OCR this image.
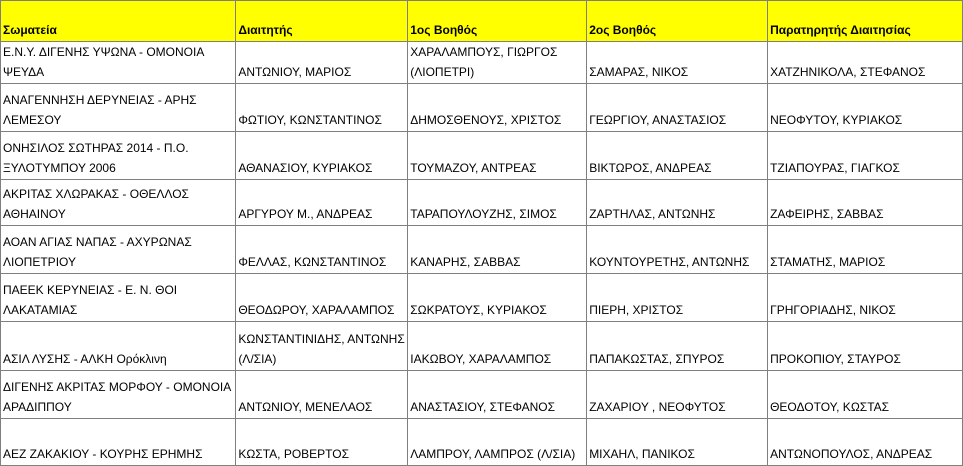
Σωματεία	Διαιτητής	1ος Βοηθός	2ος Βοηθός	Παρατηρητής Διαιτησίας
Ε.Ν.Υ. ΔΙΓΕΝΗΣ ΥΨΩΝΑ - ΟΜΟΝΟΙΑ ΨΕΥΔΑ	ΑΝΤΩΝΙΟΥ, ΜΑΡΙΟΣ	ΧΑΡΑΛΑΜΠΟΥΣ, ΓΙΩΡΓΟΣ (ΛΙΟΠΕΤΡΙ)	ΣΑΜΑΡΑΣ, ΝΙΚΟΣ	ΧΑΤΖΗΝΙΚΟΛΑ, ΣΤΕΦΑΝΟΣ
ΑΝΑΓΕΝΝΗΣΗ ΔΕΡΥΝΕΙΑΣ - ΑΡΗΣ ΛΕΜΕΣΟΥ	ΦΩΤΙΟΥ, ΚΩΝΣΤΑΝΤΙΝΟΣ	ΔΗΜΟΣΘΕΝΟΥΣ, ΧΡΙΣΤΟΣ	ΓΕΩΡΓΙΟΥ, ΑΝΑΣΤΑΣΙΟΣ	ΝΕΟΦΥΤΟΥ, ΚΥΡΙΑΚΟΣ
ΟΝΗΣΙΛΟΣ ΣΩΤΗΡΑΣ 2014 - Π.Ο. ΞΥΛΟΤΥΜΠΟΥ 2006	ΑΘΑΝΑΣΙΟΥ, ΚΥΡΙΑΚΟΣ	ΤΟΥΜΑΖΟΥ, ΑΝΤΡΕΑΣ	ΒΙΚΤΩΡΟΣ, ΑΝΔΡΕΑΣ	ΤΖΙΑΠΟΥΡΑΣ, ΓΙΑΓΚΟΣ
ΑΚΡΙΤΑΣ ΧΛΩΡΑΚΑΣ - ΟΘΕΛΛΟΣ ΑΘΗΑΙΝΟΥ	ΑΡΓΥΡΟΥ Μ., ΑΝΔΡΕΑΣ	ΤΑΡΑΠΟΥΛΟΥΖΗΣ, ΣΙΜΟΣ	ΖΑΡΤΗΛΑΣ, ΑΝΤΩΝΗΣ	ΖΑΦΕΙΡΗΣ, ΣΑΒΒΑΣ
ΑΟΑΝ ΑΓΙΑΣ ΝΑΠΑΣ - ΑΧΥΡΩΝΑΣ ΛΙΟΠΕΤΡΙΟΥ	ΦΕΛΛΑΣ, ΚΩΝΣΤΑΝΤΙΝΟΣ	ΚΑΝΑΡΗΣ, ΣΑΒΒΑΣ	ΚΟΥΝΤΟΥΡΕΤΗΣ, ΑΝΤΩΝΗΣ	ΣΤΑΜΑΤΗΣ, ΜΑΡΙΟΣ
ΠΑΕΕΚ ΚΕΡΥΝΕΙΑΣ - Ε. Ν. ΘΟΙ ΛΑΚΑΤΑΜΙΑΣ	ΘΕΟΔΩΡΟΥ, ΧΑΡΑΛΑΜΠΟΣ	ΣΩΚΡΑΤΟΥΣ, ΚΥΡΙΑΚΟΣ	ΠΙΕΡΗ, ΧΡΙΣΤΟΣ	ΓΡΗΓΟΡΙΑΔΗΣ, ΝΙΚΟΣ
ΑΣΙΛ ΛΥΣΗΣ - ΑΛΚΗ Ορόκλινη	ΚΩΝΣΤΑΝΤΙΝΙΔΗΣ, ΑΝΤΩΝΗΣ (Λ/ΣΙΑ)	ΙΑΚΩΒΟΥ, ΧΑΡΑΛΑΜΠΟΣ	ΠΑΠΑΚΩΣΤΑΣ, ΣΠΥΡΟΣ	ΠΡΟΚΟΠΙΟΥ, ΣΤΑΥΡΟΣ
ΔΙΓΕΝΗΣ ΑΚΡΙΤΑΣ ΜΟΡΦΟΥ - ΟΜΟΝΟΙΑ ΑΡΑΔΙΠΠΟΥ	ΑΝΤΩΝΙΟΥ, ΜΕΝΕΛΑΟΣ	ΑΝΑΣΤΑΣΙΟΥ, ΣΤΕΦΑΝΟΣ	ΖΑΧΑΡΙΟΥ , ΝΕΟΦΥΤΟΣ	ΘΕΟΔΟΤΟΥ, ΚΩΣΤΑΣ
ΑΕΖ ΖΑΚΑΚΙΟΥ - ΚΟΥΡΗΣ ΕΡΗΜΗΣ	ΚΩΣΤΑ, ΡΟΒΕΡΤΟΣ	ΛΑΜΠΡΟΥ, ΛΑΜΠΡΟΣ (Λ/ΣΙΑ)	ΜΙΧΑΗΛ, ΠΑΝΙΚΟΣ	ΑΝΤΩΝΟΠΟΥΛΟΣ, ΑΝΔΡΕΑΣ
